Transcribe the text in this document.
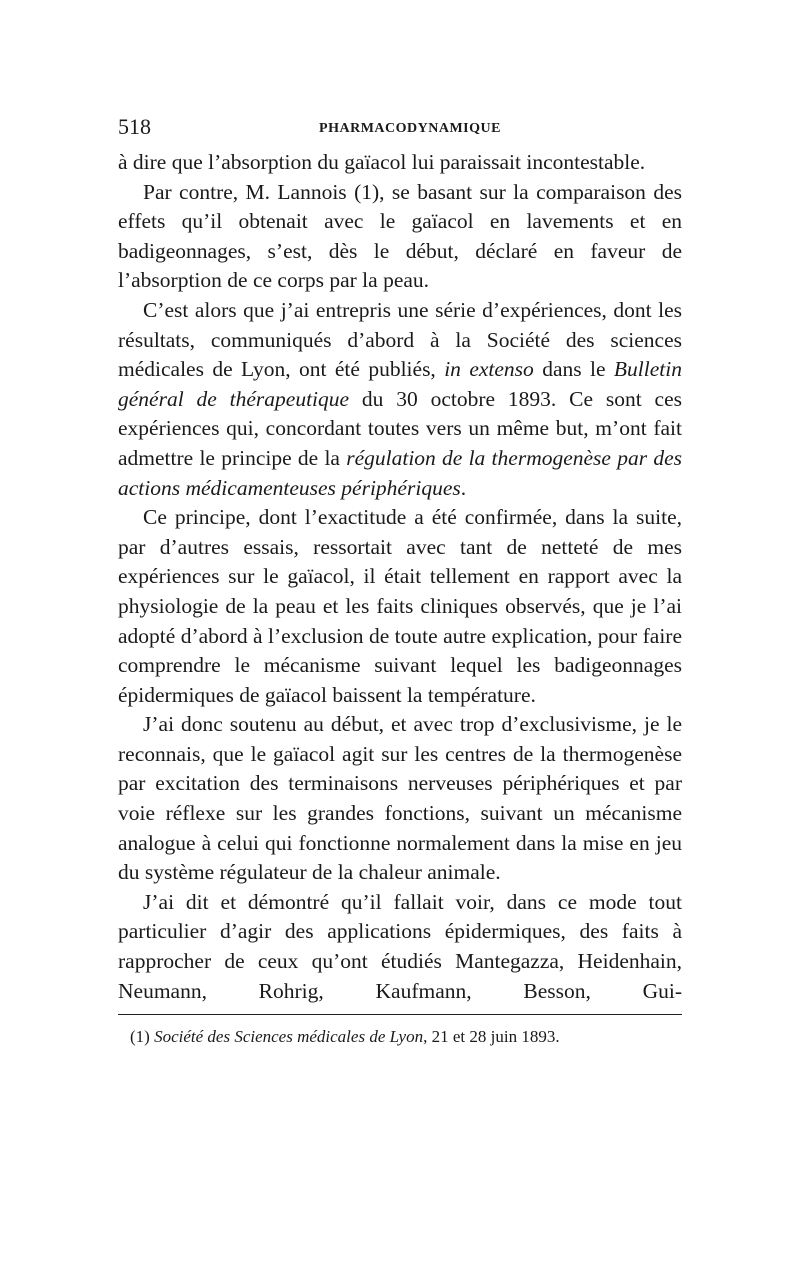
518	PHARMACODYNAMIQUE

à dire que l’absorption du gaïacol lui paraissait incontestable.

Par contre, M. Lannois (1), se basant sur la comparaison des effets qu’il obtenait avec le gaïacol en lavements et en badigeonnages, s’est, dès le début, déclaré en faveur de l’absorption de ce corps par la peau.

C’est alors que j’ai entrepris une série d’expériences, dont les résultats, communiqués d’abord à la Société des sciences médicales de Lyon, ont été publiés, in extenso dans le Bulletin général de thérapeutique du 30 octobre 1893. Ce sont ces expériences qui, concordant toutes vers un même but, m’ont fait admettre le principe de la régulation de la thermogenèse par des actions médicamenteuses périphériques.

Ce principe, dont l’exactitude a été confirmée, dans la suite, par d’autres essais, ressortait avec tant de netteté de mes expériences sur le gaïacol, il était tellement en rapport avec la physiologie de la peau et les faits cliniques observés, que je l’ai adopté d’abord à l’exclusion de toute autre explication, pour faire comprendre le mécanisme suivant lequel les badigeonnages épidermiques de gaïacol baissent la température.

J’ai donc soutenu au début, et avec trop d’exclusivisme, je le reconnais, que le gaïacol agit sur les centres de la thermogenèse par excitation des terminaisons nerveuses périphériques et par voie réflexe sur les grandes fonctions, suivant un mécanisme analogue à celui qui fonctionne normalement dans la mise en jeu du système régulateur de la chaleur animale.

J’ai dit et démontré qu’il fallait voir, dans ce mode tout particulier d’agir des applications épidermiques, des faits à rapprocher de ceux qu’ont étudiés Mantegazza, Heidenhain, Neumann, Rohrig, Kaufmann, Besson, Gui-

(1) Société des Sciences médicales de Lyon, 21 et 28 juin 1893.
